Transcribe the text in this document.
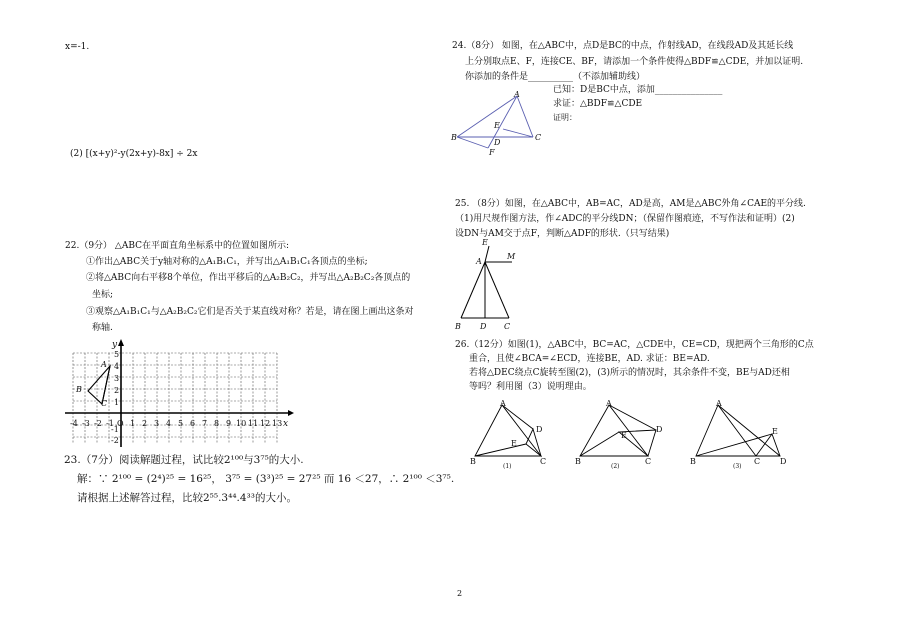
x=-1.
(2) [(x+y)²-y(2x+y)-8x] ÷ 2x
22.（9分） △ABC在平面直角坐标系中的位置如图所示:
①作出△ABC关于y轴对称的△A₁B₁C₁，并写出△A₁B₁C₁各顶点的坐标;
②将△ABC向右平移8个单位，作出平移后的△A₂B₂C₂，并写出△A₂B₂C₂各顶点的
坐标;
③观察△A₁B₁C₁与△A₂B₂C₂它们是否关于某直线对称？若是，请在图上画出这条对
称轴.
x
y
A
B
C
5
4
3
2
1
-1
-2
-4 -3 -2 -1 O 1 2 3 4 5 6 7 8 9 10 11 12 13
23.（7分）阅读解题过程，试比较2¹⁰⁰与3⁷⁵的大小.
解：∵ 2¹⁰⁰ = (2⁴)²⁵ = 16²⁵， 3⁷⁵ = (3³)²⁵ = 27²⁵ 而 16 ＜27，∴ 2¹⁰⁰ ＜3⁷⁵.
请根据上述解答过程，比较2⁵⁵.3⁴⁴.4³³的大小。
24.（8分） 如图，在△ABC中，点D是BC的中点，作射线AD，在线段AD及其延长线
上分别取点E、F，连接CE、BF，请添加一个条件使得△BDF≌△CDE，并加以证明.
你添加的条件是__________（不添加辅助线）
已知：D是BC中点，添加_______________
求证：△BDF≌△CDE
证明：
A
B	C
D
E
F
25. （8分）如图，在△ABC中，AB=AC，AD是高，AM是△ABC外角∠CAE的平分线.
（1)用尺规作图方法，作∠ADC的平分线DN；（保留作图痕迹，不写作法和证明）(2)
设DN与AM交于点F，判断△ADF的形状.（只写结果)
E
A
M
B D C
26.（12分）如图(1)，△ABC中，BC=AC，△CDE中，CE=CD，现把两个三角形的C点
重合，且使∠BCA=∠ECD，连接BE，AD. 求证：BE=AD.
若将△DEC绕点C旋转至图(2)，(3)所示的情况时，其余条件不变，BE与AD还相
等吗？利用图（3）说明理由。
A
B	C
D
E
(1)
A
B	C
D
E
(2)
A
B	C D
E
(3)
2
